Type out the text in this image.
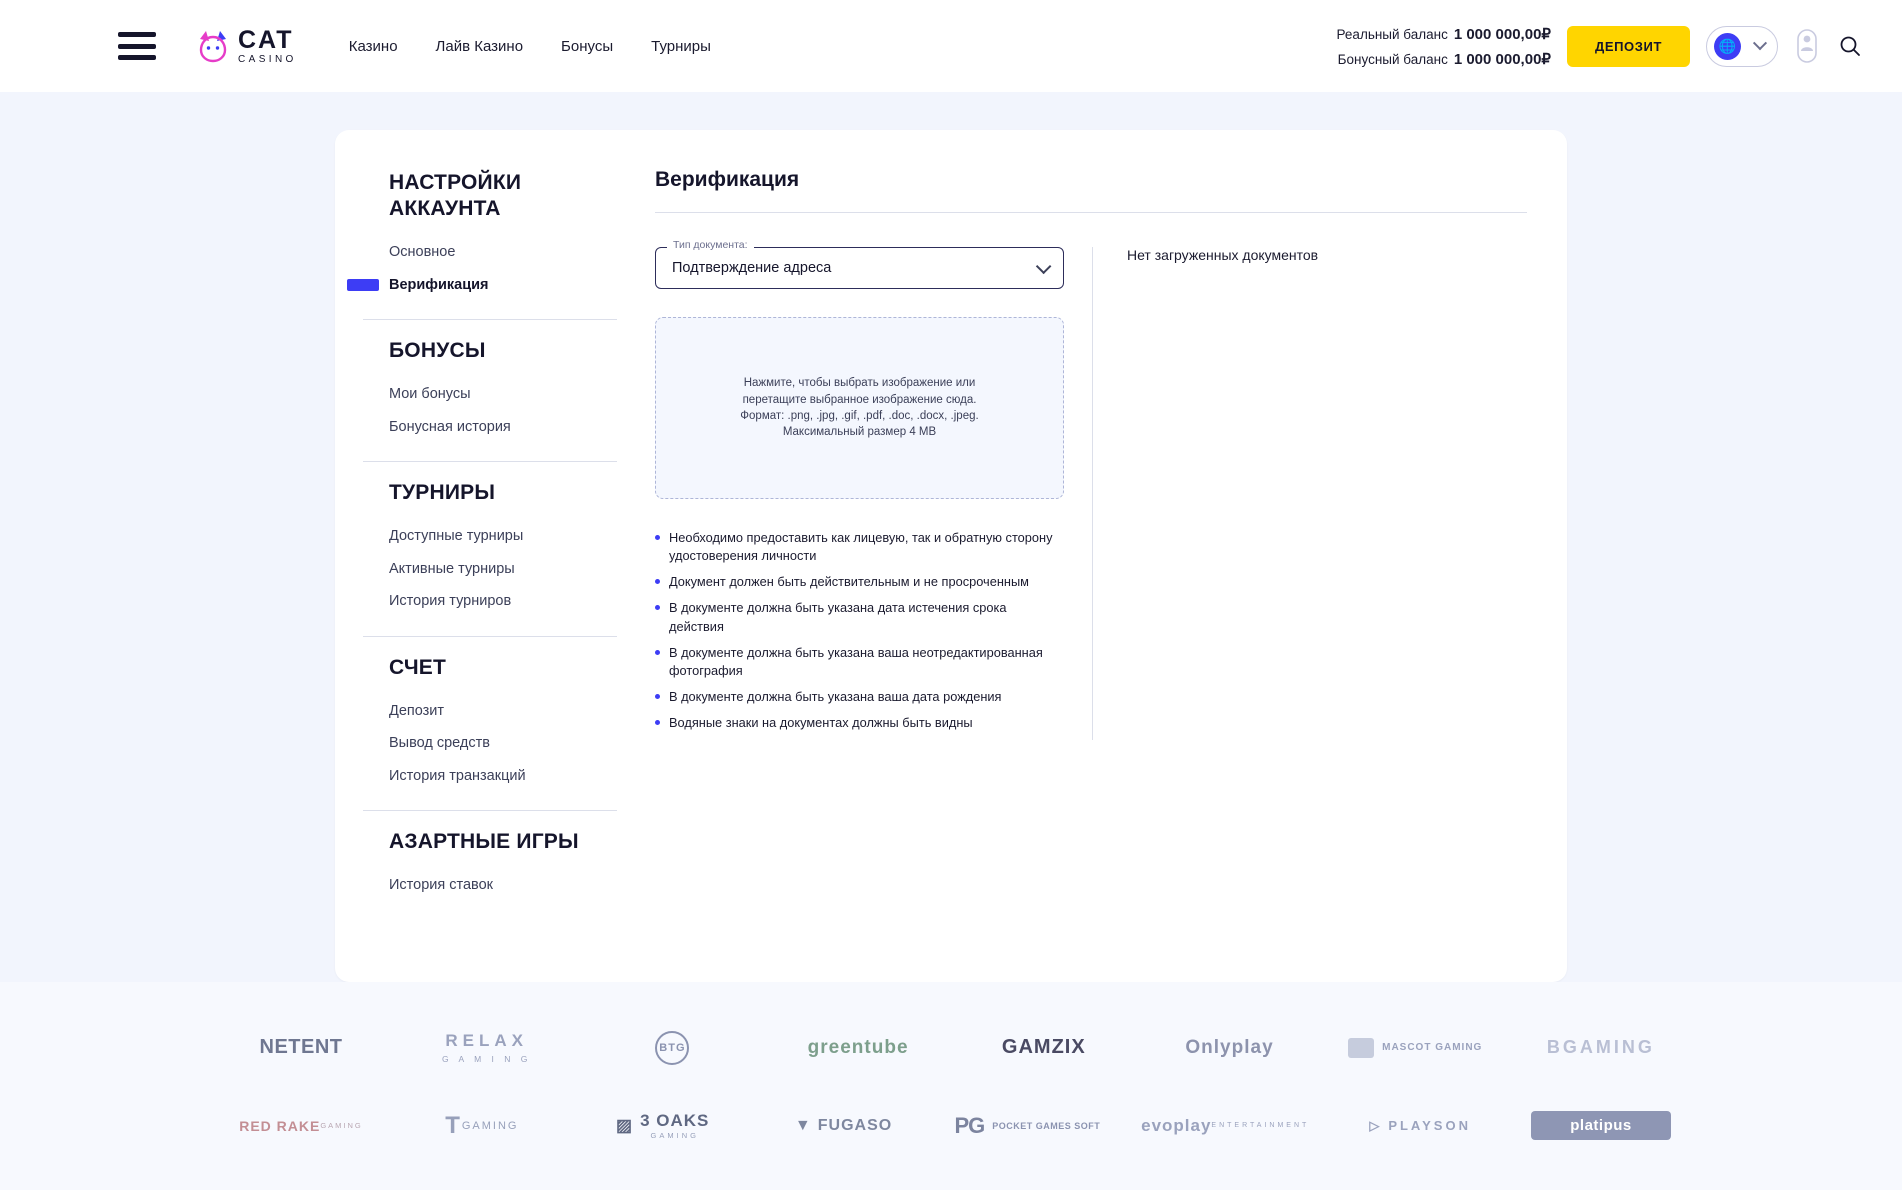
CAT
CASINO
Казино	Лайв Казино	Бонусы	Турниры
Реальный баланс 1 000 000,00₽
Бонусный баланс 1 000 000,00₽
ДЕПОЗИТ	🌐
НАСТРОЙКИ АККАУНТА
Основное
Верификация
БОНУСЫ
Мои бонусы
Бонусная история
ТУРНИРЫ
Доступные турниры
Активные турниры
История турниров
СЧЕТ
Депозит
Вывод средств
История транзакций
АЗАРТНЫЕ ИГРЫ
История ставок
Верификация
Тип документа:
Подтверждение адреса

Нажмите, чтобы выбрать изображение или перетащите выбранное изображение сюда.

Формат: .png, .jpg, .gif, .pdf, .doc, .docx, .jpeg.

Максимальный размер 4 MB

Необходимо предоставить как лицевую, так и обратную сторону удостоверения личности
Документ должен быть действительным и не просроченным
В документе должна быть указана дата истечения срока действия
В документе должна быть указана ваша неотредактированная фотография
В документе должна быть указана ваша дата рождения
Водяные знаки на документах должны быть видны
Нет загруженных документов
NETENT	RELAX
G A M I N G
BTG	greentube	GAMZIX	Onlyplay	MASCOT GAMING	BGAMING
RED RAKE GAMING	T GAMING	▨ 3 OAKS
GAMING
▼ FUGASO	PG POCKET GAMES SOFT evoplay ENTERTAINMENT	▷ PLAYSON	platipus
